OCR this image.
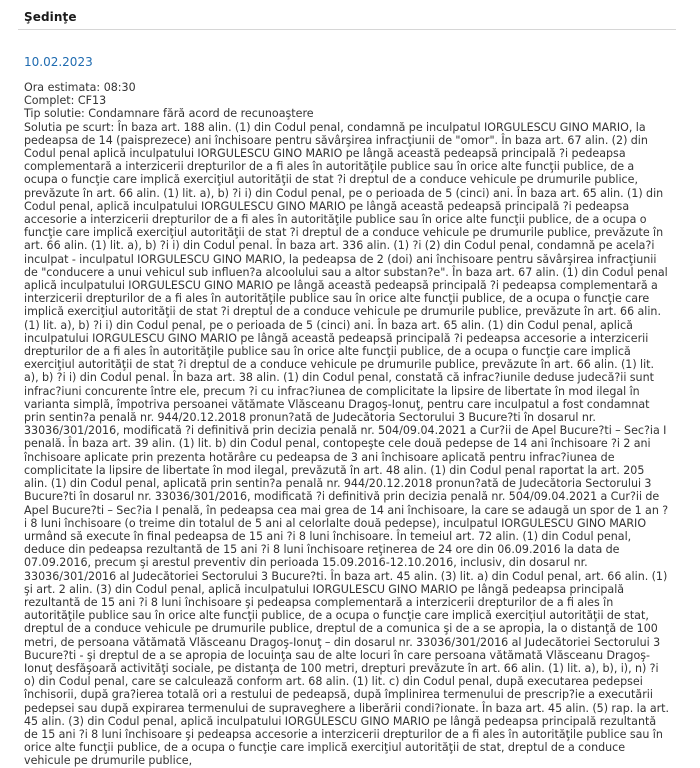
Şedinţe
10.02.2023
Ora estimata: 08:30
Complet: CF13
Tip solutie: Condamnare fără acord de recunoaştere
Solutia pe scurt: În baza art. 188 alin. (1) din Codul penal, condamnă pe inculpatul IORGULESCU GINO MARIO, la pedeapsa de 14 (paisprezece) ani închisoare pentru săvârşirea infracţiunii de "omor". În baza art. 67 alin. (2) din Codul penal aplică inculpatului IORGULESCU GINO MARIO pe lângă această pedeapsă principală ?i pedeapsa complementară a interzicerii drepturilor de a fi ales în autorităţile publice sau în orice alte funcţii publice, de a ocupa o funcţie care implică exerciţiul autorităţii de stat ?i dreptul de a conduce vehicule pe drumurile publice, prevăzute în art. 66 alin. (1) lit. a), b) ?i i) din Codul penal, pe o perioada de 5 (cinci) ani. În baza art. 65 alin. (1) din Codul penal, aplică inculpatului IORGULESCU GINO MARIO pe lângă această pedeapsă principală ?i pedeapsa accesorie a interzicerii drepturilor de a fi ales în autorităţile publice sau în orice alte funcţii publice, de a ocupa o funcţie care implică exerciţiul autorităţii de stat ?i dreptul de a conduce vehicule pe drumurile publice, prevăzute în art. 66 alin. (1) lit. a), b) ?i i) din Codul penal. În baza art. 336 alin. (1) ?i (2) din Codul penal, condamnă pe acela?i inculpat - inculpatul IORGULESCU GINO MARIO, la pedeapsa de 2 (doi) ani închisoare pentru săvârşirea infracţiunii de "conducere a unui vehicul sub influen?a alcoolului sau a altor substan?e". În baza art. 67 alin. (1) din Codul penal aplică inculpatului IORGULESCU GINO MARIO pe lângă această pedeapsă principală ?i pedeapsa complementară a interzicerii drepturilor de a fi ales în autorităţile publice sau în orice alte funcţii publice, de a ocupa o funcţie care implică exerciţiul autorităţii de stat ?i dreptul de a conduce vehicule pe drumurile publice, prevăzute în art. 66 alin. (1) lit. a), b) ?i i) din Codul penal, pe o perioada de 5 (cinci) ani. În baza art. 65 alin. (1) din Codul penal, aplică inculpatului IORGULESCU GINO MARIO pe lângă această pedeapsă principală ?i pedeapsa accesorie a interzicerii drepturilor de a fi ales în autorităţile publice sau în orice alte funcţii publice, de a ocupa o funcţie care implică exerciţiul autorităţii de stat ?i dreptul de a conduce vehicule pe drumurile publice, prevăzute în art. 66 alin. (1) lit. a), b) ?i i) din Codul penal. În baza art. 38 alin. (1) din Codul penal, constată că infrac?iunile deduse judecă?ii sunt infrac?iuni concurente între ele, precum ?i cu infrac?iunea de complicitate la lipsire de libertate în mod ilegal în varianta simplă, împotriva persoanei vătămate Vlăsceanu Dragoş-Ionuţ, pentru care inculpatul a fost condamnat prin sentin?a penală nr. 944/20.12.2018 pronun?ată de Judecătoria Sectorului 3 Bucure?ti în dosarul nr. 33036/301/2016, modificată ?i definitivă prin decizia penală nr. 504/09.04.2021 a Cur?ii de Apel Bucure?ti – Sec?ia I penală. În baza art. 39 alin. (1) lit. b) din Codul penal, contopeşte cele două pedepse de 14 ani închisoare ?i 2 ani închisoare aplicate prin prezenta hotărâre cu pedeapsa de 3 ani închisoare aplicată pentru infrac?iunea de complicitate la lipsire de libertate în mod ilegal, prevăzută în art. 48 alin. (1) din Codul penal raportat la art. 205 alin. (1) din Codul penal, aplicată prin sentin?a penală nr. 944/20.12.2018 pronun?ată de Judecătoria Sectorului 3 Bucure?ti în dosarul nr. 33036/301/2016, modificată ?i definitivă prin decizia penală nr. 504/09.04.2021 a Cur?ii de Apel Bucure?ti – Sec?ia I penală, în pedeapsa cea mai grea de 14 ani închisoare, la care se adaugă un spor de 1 an ?i 8 luni închisoare (o treime din totalul de 5 ani al celorlalte două pedepse), inculpatul IORGULESCU GINO MARIO urmând să execute în final pedeapsa de 15 ani ?i 8 luni închisoare. În temeiul art. 72 alin. (1) din Codul penal, deduce din pedeapsa rezultantă de 15 ani ?i 8 luni închisoare reţinerea de 24 ore din 06.09.2016 la data de 07.09.2016, precum şi arestul preventiv din perioada 15.09.2016-12.10.2016, inclusiv, din dosarul nr. 33036/301/2016 al Judecătoriei Sectorului 3 Bucure?ti. În baza art. 45 alin. (3) lit. a) din Codul penal, art. 66 alin. (1) şi art. 2 alin. (3) din Codul penal, aplică inculpatului IORGULESCU GINO MARIO pe lângă pedeapsa principală rezultantă de 15 ani ?i 8 luni închisoare şi pedeapsa complementară a interzicerii drepturilor de a fi ales în autorităţile publice sau în orice alte funcţii publice, de a ocupa o funcţie care implică exerciţiul autorităţii de stat, dreptul de a conduce vehicule pe drumurile publice, dreptul de a comunica şi de a se apropia, la o distanţă de 100 metri, de persoana vătămată Vlăsceanu Dragoş-Ionuţ – din dosarul nr. 33036/301/2016 al Judecătoriei Sectorului 3 Bucure?ti - şi dreptul de a se apropia de locuinţa sau de alte locuri în care persoana vătămată Vlăsceanu Dragoş-Ionuţ desfăşoară activităţi sociale, pe distanţa de 100 metri, drepturi prevăzute în art. 66 alin. (1) lit. a), b), i), n) ?i o) din Codul penal, care se calculează conform art. 68 alin. (1) lit. c) din Codul penal, după executarea pedepsei închisorii, după gra?ierea totală ori a restului de pedeapsă, după împlinirea termenului de prescrip?ie a executării pedepsei sau după expirarea termenului de supraveghere a liberării condi?ionate. În baza art. 45 alin. (5) rap. la art. 45 alin. (3) din Codul penal, aplică inculpatului IORGULESCU GINO MARIO pe lângă pedeapsa principală rezultantă de 15 ani ?i 8 luni închisoare şi pedeapsa accesorie a interzicerii drepturilor de a fi ales în autorităţile publice sau în orice alte funcţii publice, de a ocupa o funcţie care implică exerciţiul autorităţii de stat, dreptul de a conduce vehicule pe drumurile publice,
